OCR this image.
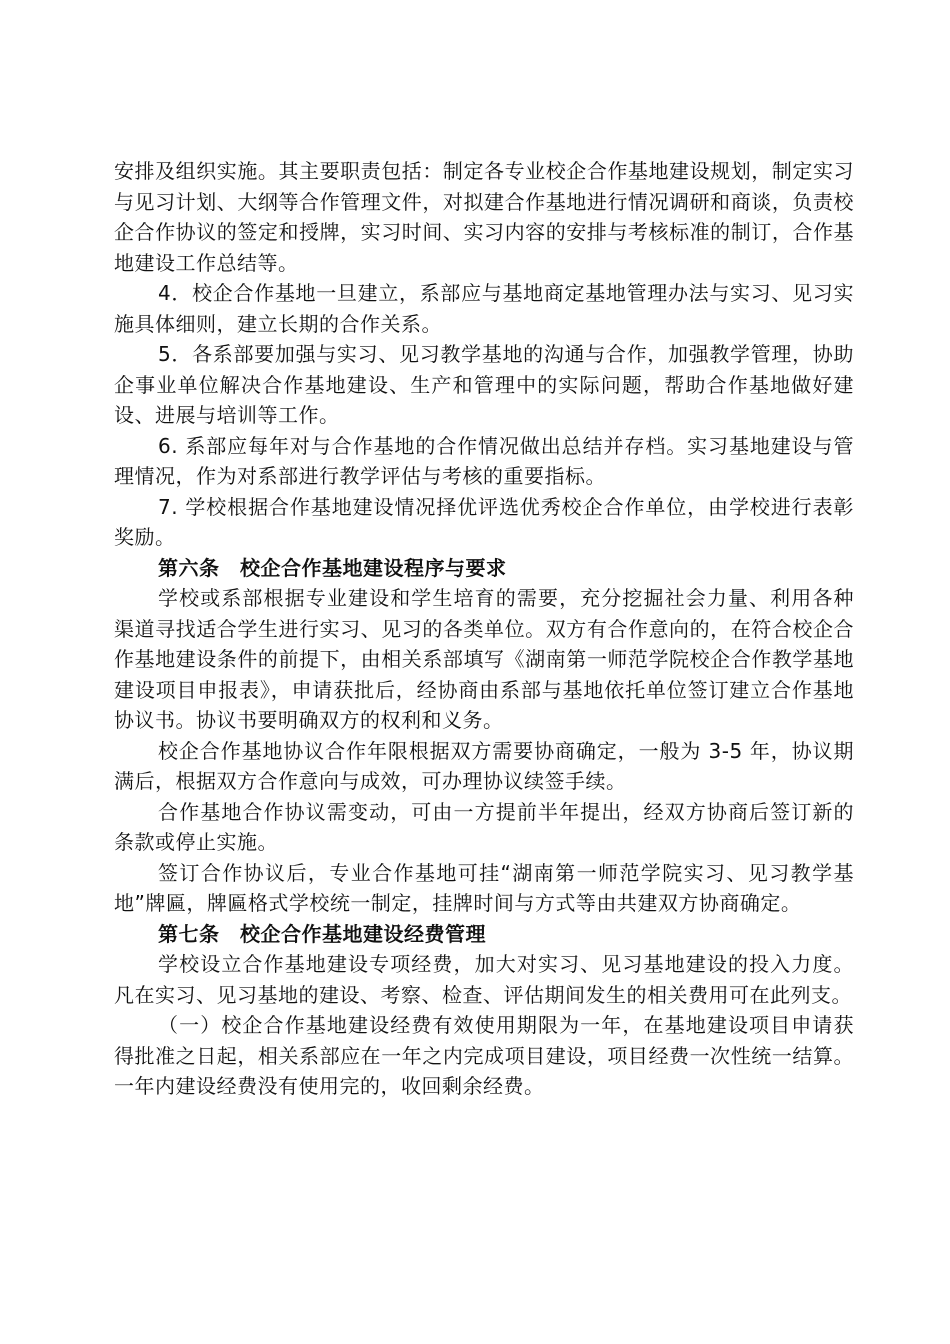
安排及组织实施。其主要职责包括：制定各专业校企合作基地建设规划，制定实习与见习计划、大纲等合作管理文件，对拟建合作基地进行情况调研和商谈，负责校企合作协议的签定和授牌，实习时间、实习内容的安排与考核标准的制订，合作基地建设工作总结等。

4．校企合作基地一旦建立，系部应与基地商定基地管理办法与实习、见习实施具体细则，建立长期的合作关系。

5．各系部要加强与实习、见习教学基地的沟通与合作，加强教学管理，协助企事业单位解决合作基地建设、生产和管理中的实际问题，帮助合作基地做好建设、进展与培训等工作。

6. 系部应每年对与合作基地的合作情况做出总结并存档。实习基地建设与管理情况，作为对系部进行教学评估与考核的重要指标。

7. 学校根据合作基地建设情况择优评选优秀校企合作单位，由学校进行表彰奖励。

第六条　校企合作基地建设程序与要求

学校或系部根据专业建设和学生培育的需要，充分挖掘社会力量、利用各种渠道寻找适合学生进行实习、见习的各类单位。双方有合作意向的，在符合校企合作基地建设条件的前提下，由相关系部填写《湖南第一师范学院校企合作教学基地建设项目申报表》，申请获批后，经协商由系部与基地依托单位签订建立合作基地协议书。协议书要明确双方的权利和义务。

校企合作基地协议合作年限根据双方需要协商确定，一般为 3-5 年，协议期满后，根据双方合作意向与成效，可办理协议续签手续。

合作基地合作协议需变动，可由一方提前半年提出，经双方协商后签订新的条款或停止实施。

签订合作协议后，专业合作基地可挂“湖南第一师范学院实习、见习教学基地”牌匾，牌匾格式学校统一制定，挂牌时间与方式等由共建双方协商确定。

第七条　校企合作基地建设经费管理

学校设立合作基地建设专项经费，加大对实习、见习基地建设的投入力度。凡在实习、见习基地的建设、考察、检查、评估期间发生的相关费用可在此列支。

（一）校企合作基地建设经费有效使用期限为一年，在基地建设项目申请获得批准之日起，相关系部应在一年之内完成项目建设，项目经费一次性统一结算。一年内建设经费没有使用完的，收回剩余经费。
